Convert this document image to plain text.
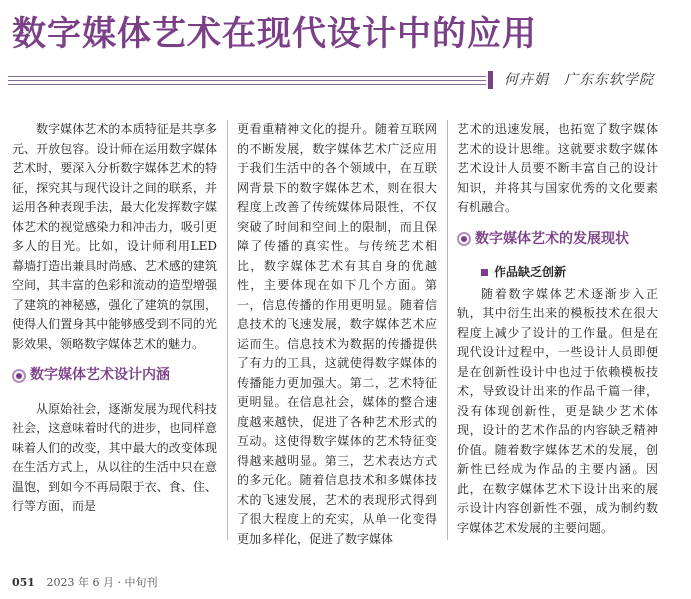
数字媒体艺术在现代设计中的应用
何卉娟　广东东软学院

数字媒体艺术的本质特征是共享多元、开放包容。设计师在运用数字媒体艺术时，要深入分析数字媒体艺术的特征，探究其与现代设计之间的联系，并运用各种表现手法，最大化发挥数字媒体艺术的视觉感染力和冲击力，吸引更多人的目光。比如，设计师利用LED幕墙打造出兼具时尚感、艺术感的建筑空间，其丰富的色彩和流动的造型增强了建筑的神秘感，强化了建筑的氛围，使得人们置身其中能够感受到不同的光影效果，领略数字媒体艺术的魅力。

数字媒体艺术设计内涵

从原始社会，逐渐发展为现代科技社会，这意味着时代的进步，也同样意味着人们的改变，其中最大的改变体现在生活方式上，从以往的生活中只在意温饱，到如今不再局限于衣、食、住、行等方面，而是

更看重精神文化的提升。随着互联网的不断发展，数字媒体艺术广泛应用于我们生活中的各个领域中，在互联网背景下的数字媒体艺术，则在很大程度上改善了传统媒体局限性，不仅突破了时间和空间上的限制，而且保障了传播的真实性。与传统艺术相比，数字媒体艺术有其自身的优越性，主要体现在如下几个方面。第一，信息传播的作用更明显。随着信息技术的飞速发展，数字媒体艺术应运而生。信息技术为数据的传播提供了有力的工具，这就使得数字媒体的传播能力更加强大。第二，艺术特征更明显。在信息社会，媒体的整合速度越来越快，促进了各种艺术形式的互动。这使得数字媒体的艺术特征变得越来越明显。第三，艺术表达方式的多元化。随着信息技术和多媒体技术的飞速发展，艺术的表现形式得到了很大程度上的充实，从单一化变得更加多样化，促进了数字媒体

艺术的迅速发展，也拓宽了数字媒体艺术的设计思维。这就要求数字媒体艺术设计人员要不断丰富自己的设计知识，并将其与国家优秀的文化要素有机融合。

数字媒体艺术的发展现状
作品缺乏创新

随着数字媒体艺术逐渐步入正轨，其中衍生出来的模板技术在很大程度上减少了设计的工作量。但是在现代设计过程中，一些设计人员即便是在创新性设计中也过于依赖模板技术，导致设计出来的作品千篇一律，没有体现创新性，更是缺少艺术体现，设计的艺术作品的内容缺乏精神价值。随着数字媒体艺术的发展，创新性已经成为作品的主要内涵。因此，在数字媒体艺术下设计出来的展示设计内容创新性不强，成为制约数字媒体艺术发展的主要问题。

051 2023 年 6 月 · 中旬刊
